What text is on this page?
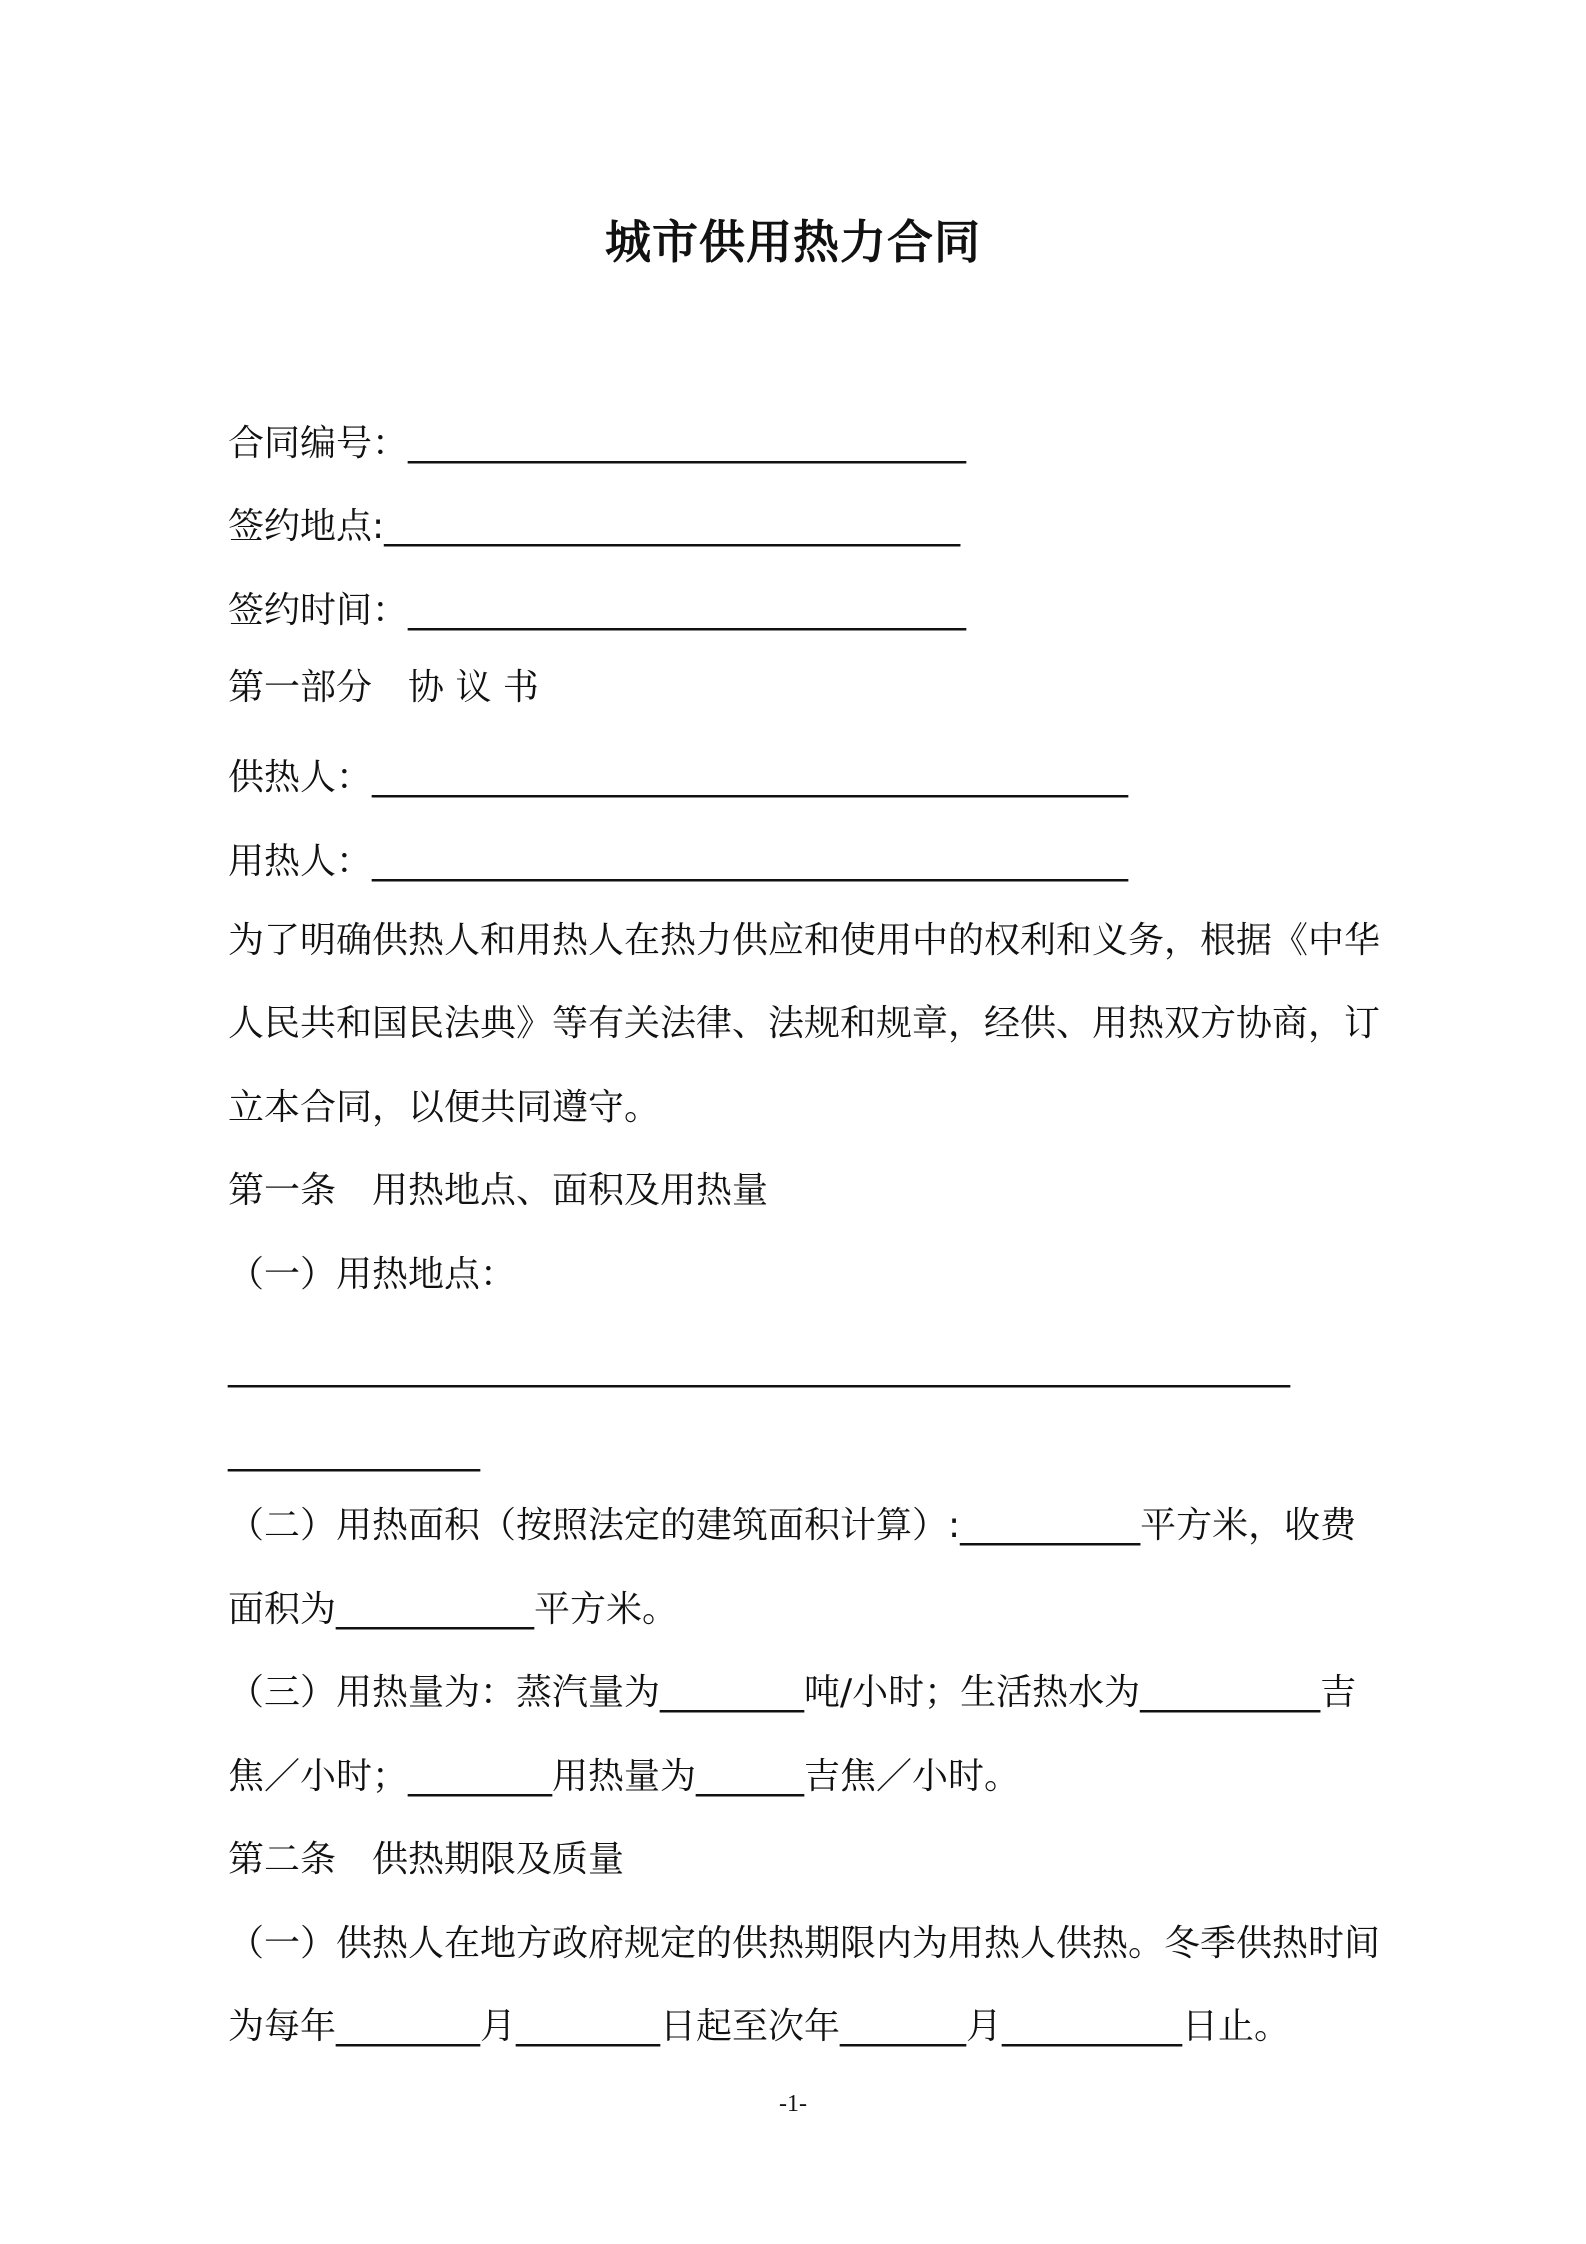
城市供用热力合同
合同编号：_______________________________
签约地点:________________________________
签约时间：_______________________________
第一部分 协 议 书
供热人：__________________________________________
用热人：__________________________________________
为了明确供热人和用热人在热力供应和使用中的权利和义务，根据《中华
人民共和国民法典》等有关法律、法规和规章，经供、用热双方协商，订
立本合同，以便共同遵守。
第一条 用热地点、面积及用热量
（一）用热地点：
___________________________________________________________
______________
（二）用热面积（按照法定的建筑面积计算）:__________平方米，收费
面积为___________平方米。
（三）用热量为：蒸汽量为________吨/小时；生活热水为__________吉
焦／小时；________用热量为______吉焦／小时。
第二条 供热期限及质量
（一）供热人在地方政府规定的供热期限内为用热人供热。冬季供热时间
为每年________月________日起至次年_______月__________日止。
-1-
